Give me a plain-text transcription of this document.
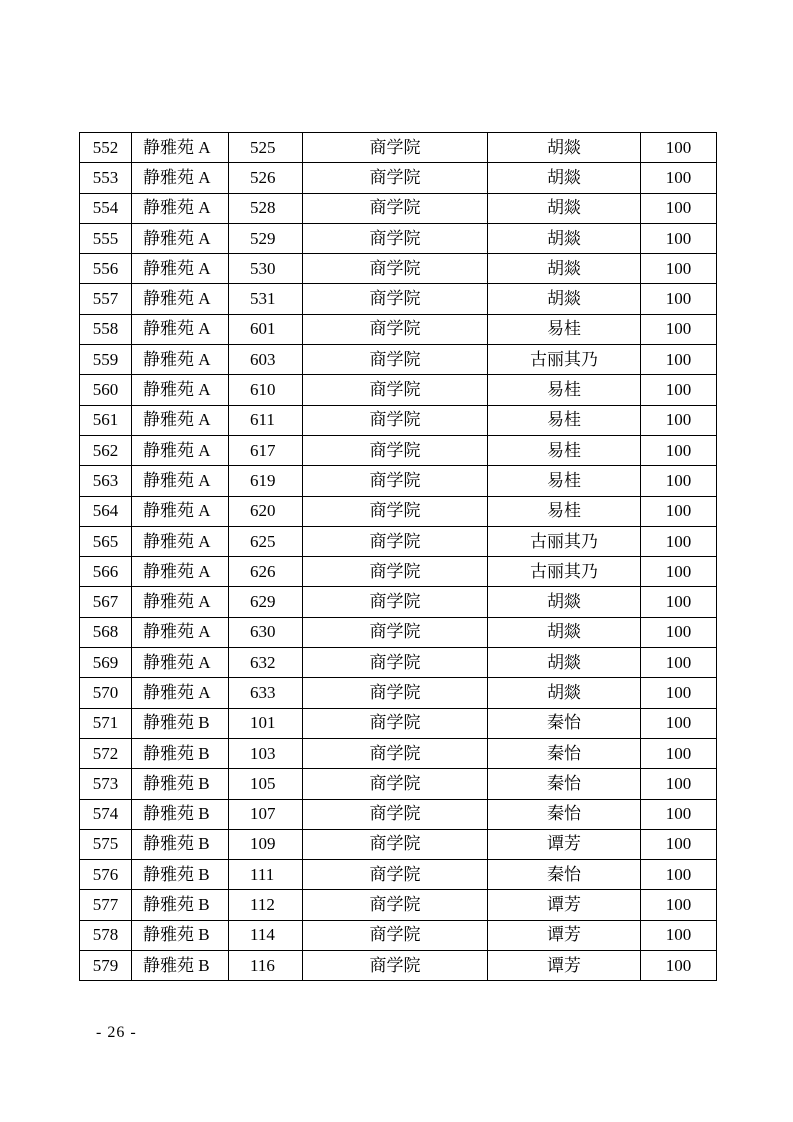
552	静雅苑 A	525	商学院	胡燚	100
553	静雅苑 A	526	商学院	胡燚	100
554	静雅苑 A	528	商学院	胡燚	100
555	静雅苑 A	529	商学院	胡燚	100
556	静雅苑 A	530	商学院	胡燚	100
557	静雅苑 A	531	商学院	胡燚	100
558	静雅苑 A	601	商学院	易桂	100
559	静雅苑 A	603	商学院	古丽其乃	100
560	静雅苑 A	610	商学院	易桂	100
561	静雅苑 A	611	商学院	易桂	100
562	静雅苑 A	617	商学院	易桂	100
563	静雅苑 A	619	商学院	易桂	100
564	静雅苑 A	620	商学院	易桂	100
565	静雅苑 A	625	商学院	古丽其乃	100
566	静雅苑 A	626	商学院	古丽其乃	100
567	静雅苑 A	629	商学院	胡燚	100
568	静雅苑 A	630	商学院	胡燚	100
569	静雅苑 A	632	商学院	胡燚	100
570	静雅苑 A	633	商学院	胡燚	100
571	静雅苑 B	101	商学院	秦怡	100
572	静雅苑 B	103	商学院	秦怡	100
573	静雅苑 B	105	商学院	秦怡	100
574	静雅苑 B	107	商学院	秦怡	100
575	静雅苑 B	109	商学院	谭芳	100
576	静雅苑 B	111	商学院	秦怡	100
577	静雅苑 B	112	商学院	谭芳	100
578	静雅苑 B	114	商学院	谭芳	100
579	静雅苑 B	116	商学院	谭芳	100
- 26 -
